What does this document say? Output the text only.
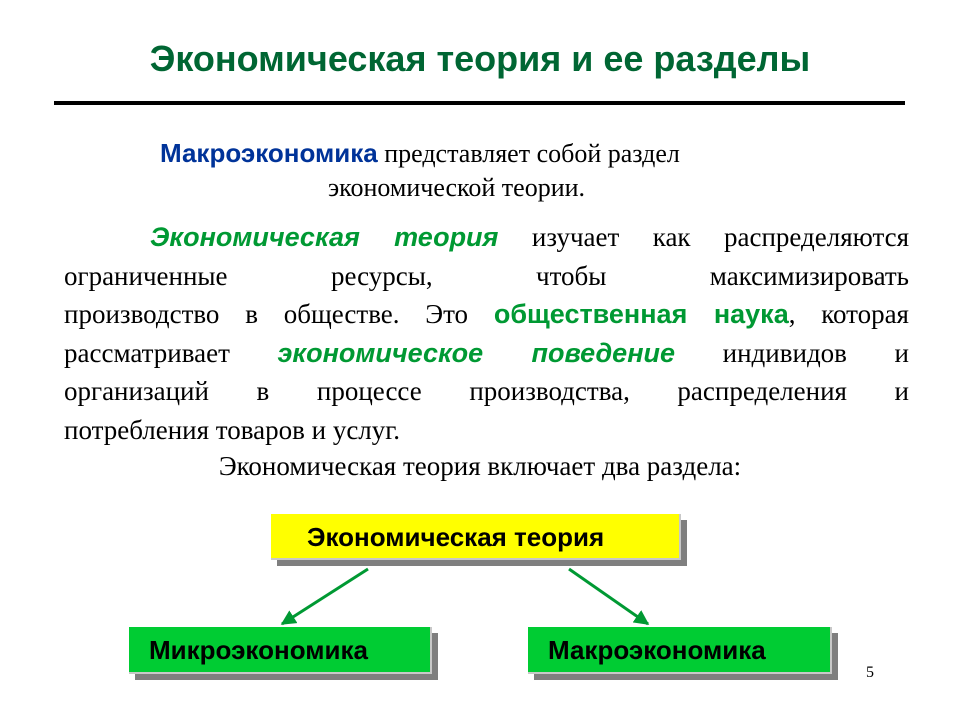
Экономическая теория и ее разделы
Макроэкономика представляет собой раздел
экономической теории.
Экономическая теория изучает как распределяются
ограниченные ресурсы, чтобы максимизировать
производство в обществе. Это общественная наука, которая
рассматривает экономическое поведение индивидов и
организаций в процессе производства, распределения и
потребления товаров и услуг.
Экономическая теория включает два раздела:
Экономическая теория
Микроэкономика	Макроэкономика
5
